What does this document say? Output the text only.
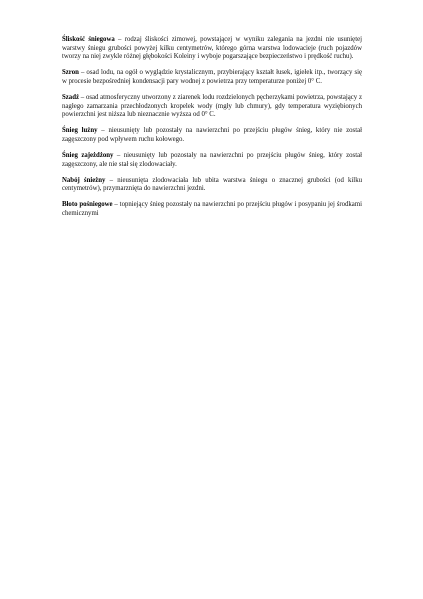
Śliskość śniegowa – rodzaj śliskości zimowej, powstającej w wyniku zalegania na jezdni nie usuniętej warstwy śniegu grubości powyżej kilku centymetrów, którego górna warstwa lodowacieje (ruch pojazdów tworzy na niej zwykle różnej głębokości Koleiny i wyboje pogarszające bezpieczeństwo i prędkość ruchu).

Szron – osad lodu, na ogół o wyglądzie krystalicznym, przybierający kształt łusek, igiełek itp., tworzący się w procesie bezpośredniej kondensacji pary wodnej z powietrza przy temperaturze poniżej 0° C.

Szadź – osad atmosferyczny utworzony z ziarenek lodu rozdzielonych pęcherzykami powietrza, powstający z nagłego zamarzania przechłodzonych kropelek wody (mgły lub chmury), gdy temperatura wyziębionych powierzchni jest niższa lub nieznacznie wyższa od 0° C.

Śnieg luźny – nieusunięty lub pozostały na nawierzchni po przejściu pługów śnieg, który nie został zagęszczony pod wpływem ruchu kołowego.

Śnieg zajeżdżony – nieusunięty lub pozostały na nawierzchni po przejściu pługów śnieg, który został zagęszczony, ale nie stał się zlodowaciały.

Nabój śnieżny – nieusunięta zlodowaciała lub ubita warstwa śniegu o znacznej grubości (od kilku centymetrów), przymarznięta do nawierzchni jezdni.

Błoto pośniegowe – topniejący śnieg pozostały na nawierzchni po przejściu pługów i posypaniu jej środkami chemicznymi
